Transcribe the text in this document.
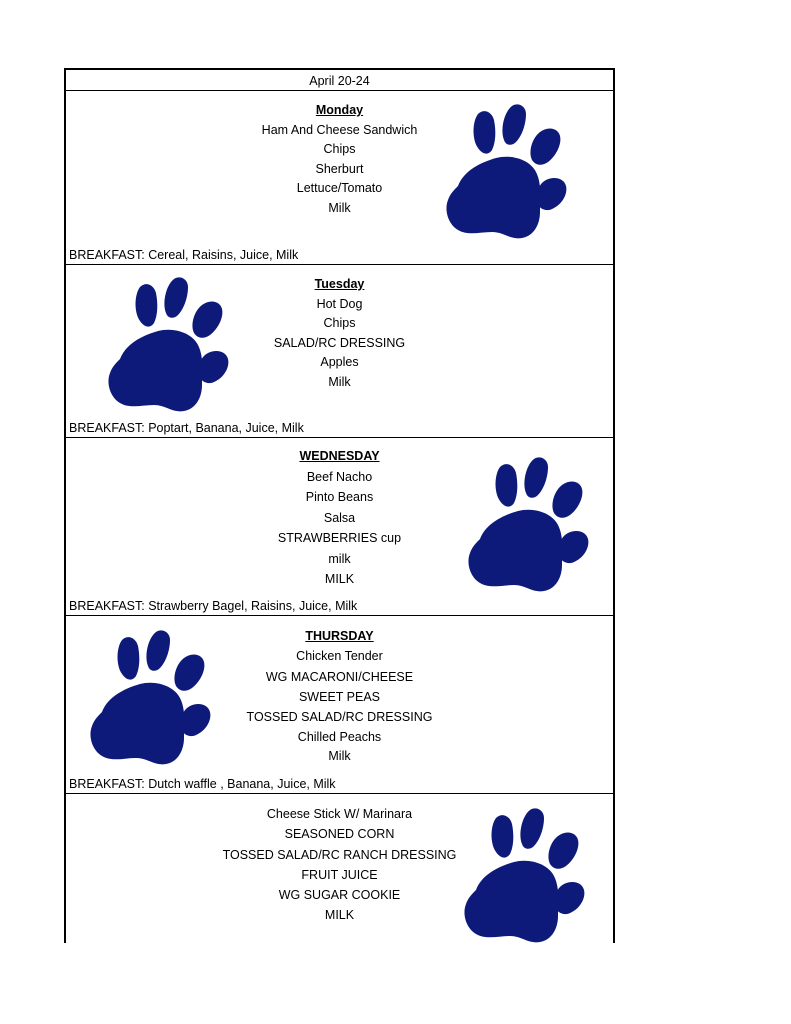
April 20-24
Monday
Ham And Cheese Sandwich
Chips
Sherburt
Lettuce/Tomato
Milk
BREAKFAST: Cereal, Raisins, Juice, Milk
Tuesday
Hot Dog
Chips
SALAD/RC DRESSING
Apples
Milk
BREAKFAST: Poptart, Banana, Juice, Milk
WEDNESDAY
Beef Nacho
Pinto Beans
Salsa
STRAWBERRIES cup
milk
MILK
BREAKFAST: Strawberry Bagel, Raisins, Juice, Milk
THURSDAY
Chicken Tender
WG MACARONI/CHEESE
SWEET PEAS
TOSSED SALAD/RC DRESSING
Chilled Peachs
Milk
BREAKFAST: Dutch waffle , Banana, Juice, Milk
Cheese Stick W/ Marinara
SEASONED CORN
TOSSED SALAD/RC RANCH DRESSING
FRUIT JUICE
WG SUGAR COOKIE
MILK
